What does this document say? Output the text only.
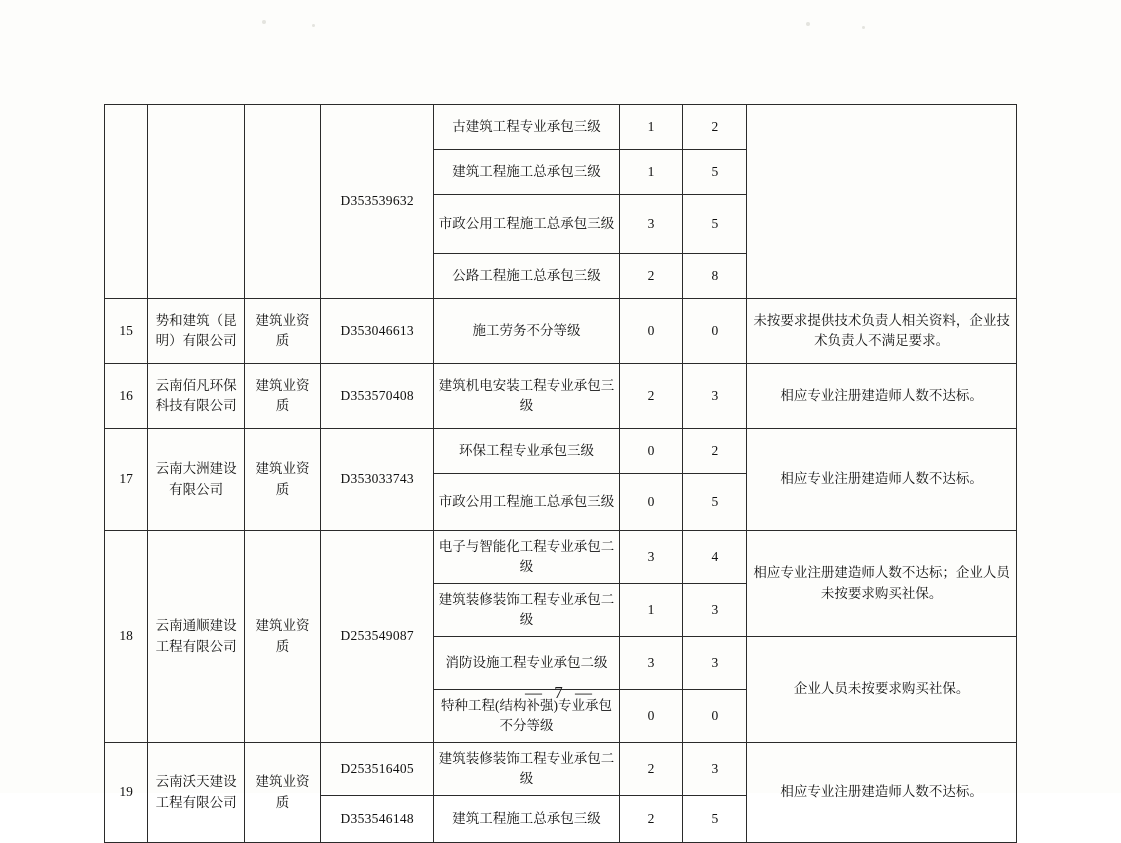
			D353539632	古建筑工程专业承包三级	1	2	
				建筑工程施工总承包三级	1	5	
				市政公用工程施工总承包三级	3	5	
				公路工程施工总承包三级	2	8	
15	势和建筑（昆明）有限公司	建筑业资质	D353046613	施工劳务不分等级	0	0	未按要求提供技术负责人相关资料，企业技术负责人不满足要求。
16	云南佰凡环保科技有限公司	建筑业资质	D353570408	建筑机电安装工程专业承包三级	2	3	相应专业注册建造师人数不达标。
17	云南大洲建设有限公司	建筑业资质	D353033743	环保工程专业承包三级	0	2	相应专业注册建造师人数不达标。
				市政公用工程施工总承包三级	0	5	
18	云南通顺建设工程有限公司	建筑业资质	D253549087	电子与智能化工程专业承包二级	3	4	相应专业注册建造师人数不达标；企业人员未按要求购买社保。
				建筑装修装饰工程专业承包二级	1	3	
				消防设施工程专业承包二级	3	3	企业人员未按要求购买社保。
				特种工程(结构补强)专业承包不分等级	0	0	
19	云南沃天建设工程有限公司	建筑业资质	D253516405	建筑装修装饰工程专业承包二级	2	3	相应专业注册建造师人数不达标。
			D353546148	建筑工程施工总承包三级	2	5	
— 7 —
